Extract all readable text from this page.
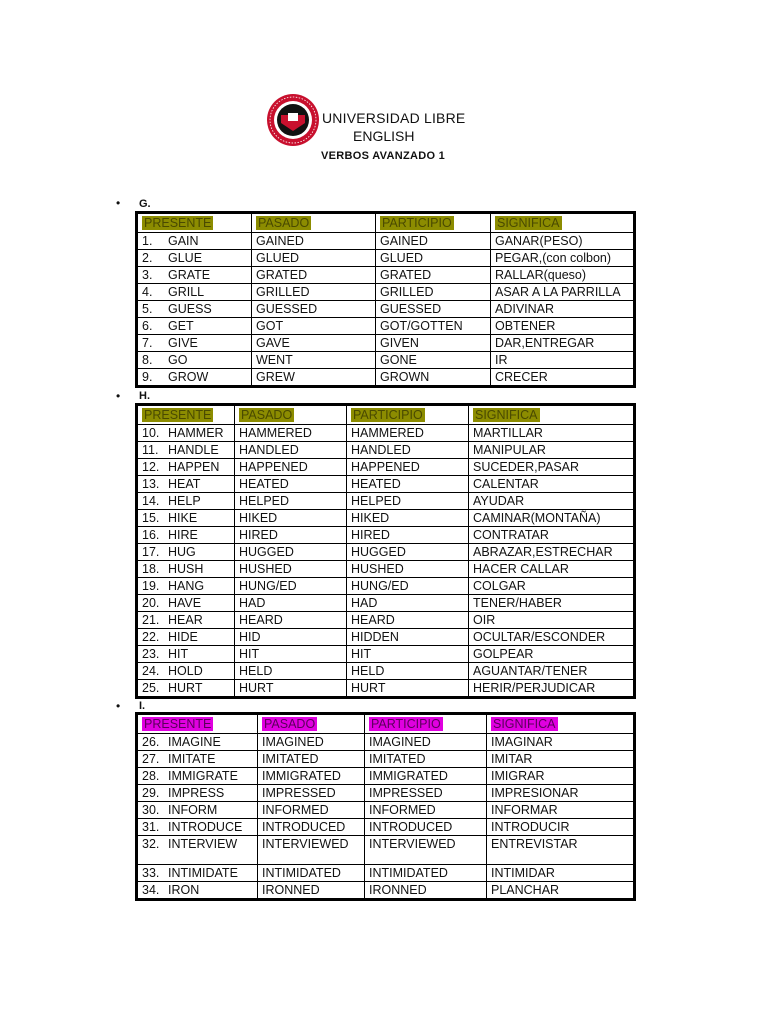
UNIVERSIDAD LIBRE
ENGLISH
VERBOS AVANZADO 1
• G.
PRESENTE	PASADO	PARTICIPIO	SIGNIFICA
1. GAIN	GAINED	GAINED	GANAR(PESO)
2. GLUE	GLUED	GLUED	PEGAR,(con colbon)
3. GRATE	GRATED	GRATED	RALLAR(queso)
4. GRILL	GRILLED	GRILLED	ASAR A LA PARRILLA
5. GUESS	GUESSED	GUESSED	ADIVINAR
6. GET	GOT	GOT/GOTTEN	OBTENER
7. GIVE	GAVE	GIVEN	DAR,ENTREGAR
8. GO	WENT	GONE	IR
9. GROW	GREW	GROWN	CRECER
• H.
PRESENTE	PASADO	PARTICIPIO	SIGNIFICA
10. HAMMER	HAMMERED	HAMMERED	MARTILLAR
11. HANDLE	HANDLED	HANDLED	MANIPULAR
12. HAPPEN	HAPPENED	HAPPENED	SUCEDER,PASAR
13. HEAT	HEATED	HEATED	CALENTAR
14. HELP	HELPED	HELPED	AYUDAR
15. HIKE	HIKED	HIKED	CAMINAR(MONTAÑA)
16. HIRE	HIRED	HIRED	CONTRATAR
17. HUG	HUGGED	HUGGED	ABRAZAR,ESTRECHAR
18. HUSH	HUSHED	HUSHED	HACER CALLAR
19. HANG	HUNG/ED	HUNG/ED	COLGAR
20. HAVE	HAD	HAD	TENER/HABER
21. HEAR	HEARD	HEARD	OIR
22. HIDE	HID	HIDDEN	OCULTAR/ESCONDER
23. HIT	HIT	HIT	GOLPEAR
24. HOLD	HELD	HELD	AGUANTAR/TENER
25. HURT	HURT	HURT	HERIR/PERJUDICAR
• I.
PRESENTE	PASADO	PARTICIPIO	SIGNIFICA
26. IMAGINE	IMAGINED	IMAGINED	IMAGINAR
27. IMITATE	IMITATED	IMITATED	IMITAR
28. IMMIGRATE	IMMIGRATED	IMMIGRATED	IMIGRAR
29. IMPRESS	IMPRESSED	IMPRESSED	IMPRESIONAR
30. INFORM	INFORMED	INFORMED	INFORMAR
31. INTRODUCE	INTRODUCED	INTRODUCED	INTRODUCIR
32. INTERVIEW	INTERVIEWED	INTERVIEWED	ENTREVISTAR
33. INTIMIDATE	INTIMIDATED	INTIMIDATED	INTIMIDAR
34. IRON	IRONNED	IRONNED	PLANCHAR
